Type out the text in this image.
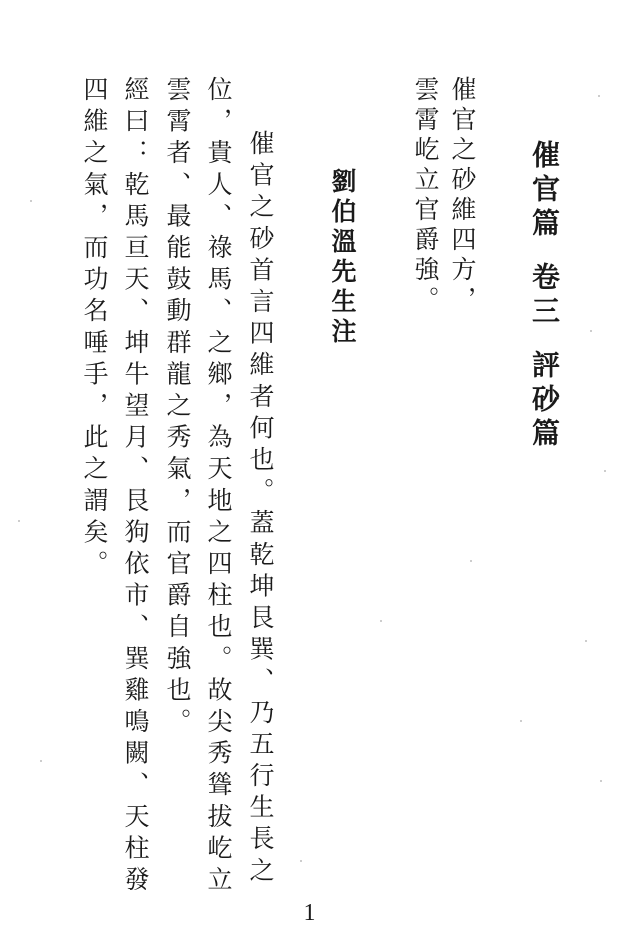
催官篇卷三評砂篇
催官之砂維四方，
雲霄屹立官爵強。
劉伯溫先生注
催官之砂首言四維者何也。蓋乾坤艮巽、乃五行生長之
位，貴人、祿馬、之鄉，為天地之四柱也。故尖秀聳拔屹立
雲霄者、最能鼓動群龍之秀氣，而官爵自強也。
經曰：乾馬亘天、坤牛望月、艮狗依市、巽雞鳴闕、天柱發
四維之氣，而功名唾手，此之謂矣。
1
